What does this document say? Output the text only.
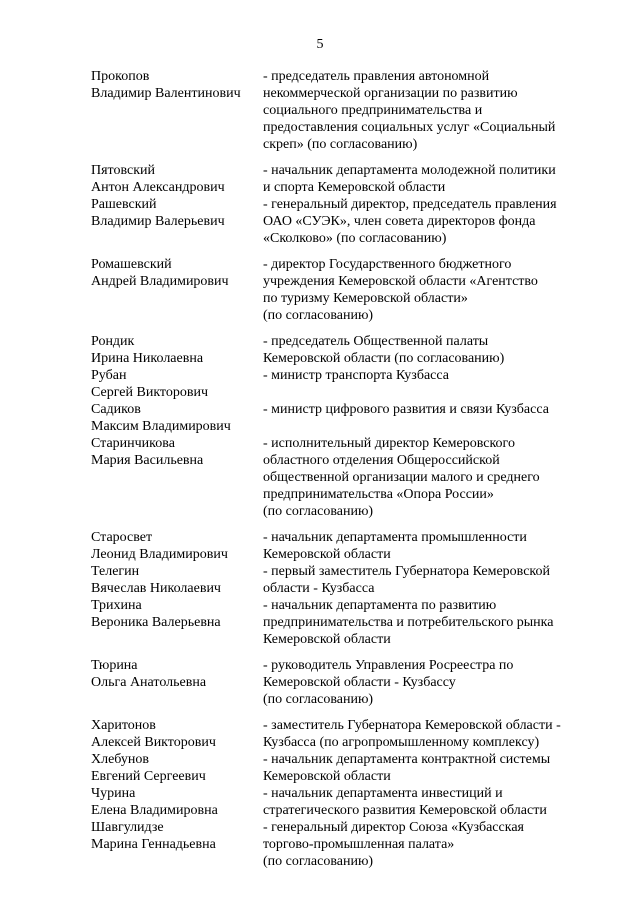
5
Прокопов
Владимир Валентинович
- председатель правления автономной
некоммерческой организации по развитию
социального предпринимательства и
предоставления социальных услуг «Социальный
скреп» (по согласованию)
Пятовский
Антон Александрович
- начальник департамента молодежной политики
и спорта Кемеровской области
Рашевский
Владимир Валерьевич
- генеральный директор, председатель правления
ОАО «СУЭК», член совета директоров фонда
«Сколково» (по согласованию)
Ромашевский
Андрей Владимирович
- директор Государственного бюджетного
учреждения Кемеровской области «Агентство
по туризму Кемеровской области»
(по согласованию)
Рондик
Ирина Николаевна
- председатель Общественной палаты
Кемеровской области (по согласованию)
Рубан
Сергей Викторович
- министр транспорта Кузбасса
Садиков
Максим Владимирович
- министр цифрового развития и связи Кузбасса
Старинчикова
Мария Васильевна
- исполнительный директор Кемеровского
областного отделения Общероссийской
общественной организации малого и среднего
предпринимательства «Опора России»
(по согласованию)
Старосвет
Леонид Владимирович
- начальник департамента промышленности
Кемеровской области
Телегин
Вячеслав Николаевич
- первый заместитель Губернатора Кемеровской
области - Кузбасса
Трихина
Вероника Валерьевна
- начальник департамента по развитию
предпринимательства и потребительского рынка
Кемеровской области
Тюрина
Ольга Анатольевна
- руководитель Управления Росреестра по
Кемеровской области - Кузбассу
(по согласованию)
Харитонов
Алексей Викторович
- заместитель Губернатора Кемеровской области -
Кузбасса (по агропромышленному комплексу)
Хлебунов
Евгений Сергеевич
- начальник департамента контрактной системы
Кемеровской области
Чурина
Елена Владимировна
- начальник департамента инвестиций и
стратегического развития Кемеровской области
Шавгулидзе
Марина Геннадьевна
- генеральный директор Союза «Кузбасская
торгово-промышленная палата»
(по согласованию)
